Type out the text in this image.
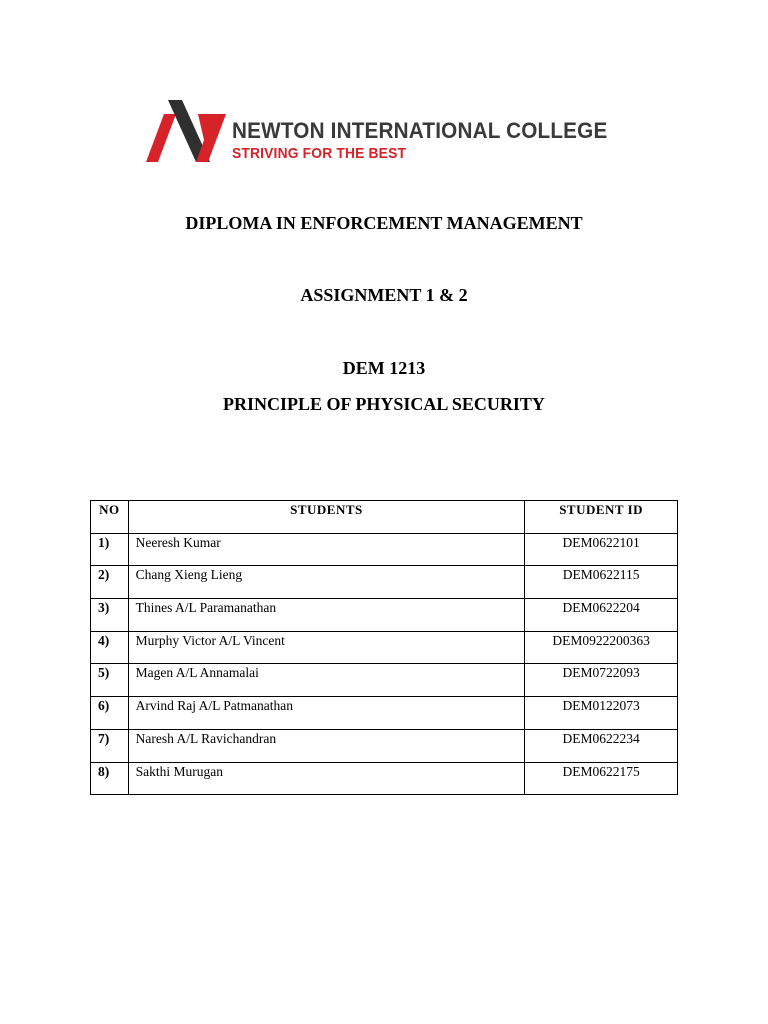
NEWTON INTERNATIONAL COLLEGE
STRIVING FOR THE BEST
DIPLOMA IN ENFORCEMENT MANAGEMENT
ASSIGNMENT 1 & 2
DEM 1213
PRINCIPLE OF PHYSICAL SECURITY
NO	STUDENTS	STUDENT ID
1)	Neeresh Kumar	DEM0622101
2)	Chang Xieng Lieng	DEM0622115
3)	Thines A/L Paramanathan	DEM0622204
4)	Murphy Victor A/L Vincent	DEM0922200363
5)	Magen A/L Annamalai	DEM0722093
6)	Arvind Raj A/L Patmanathan	DEM0122073
7)	Naresh A/L Ravichandran	DEM0622234
8)	Sakthi Murugan	DEM0622175
